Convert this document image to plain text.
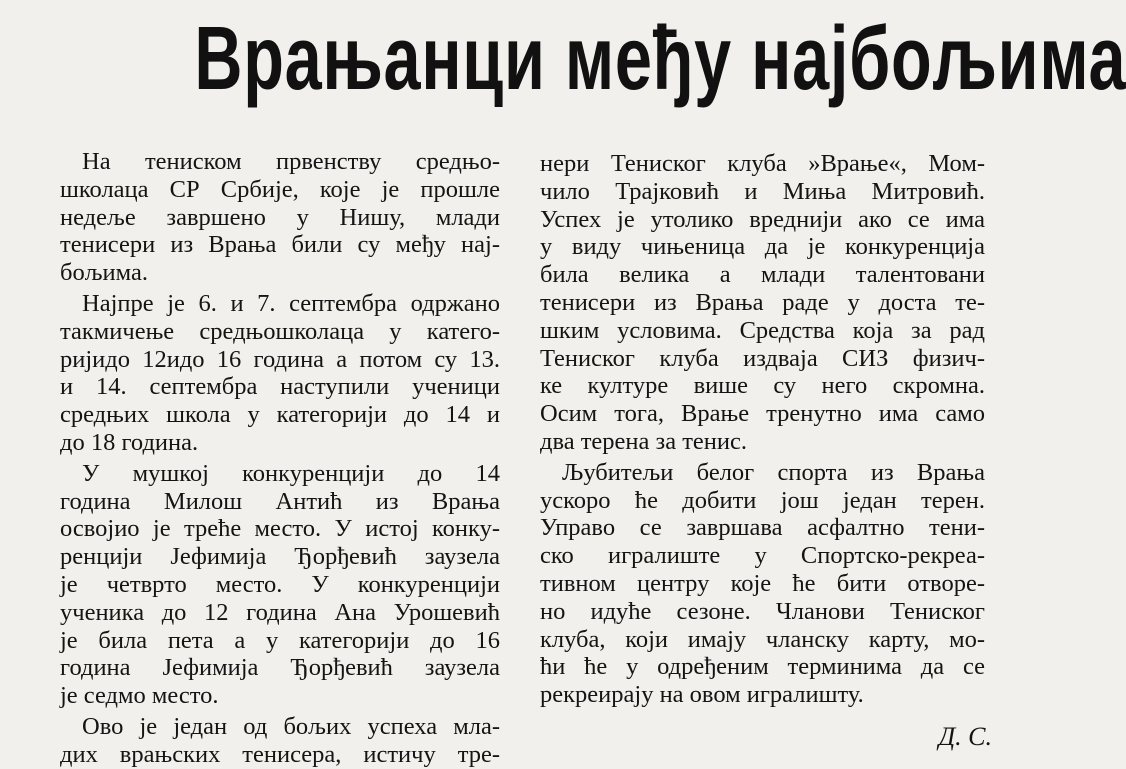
Врањанци међу најбољима
На тениском првенству средњо-
школаца СР Србије, које је прошле
недеље завршено у Нишу, млади
тенисери из Врања били су међу нај-
бољима.
Најпре је 6. и 7. септембра одржано
такмичење средњошколаца у катего-
ријидо 12идо 16 година а потом су 13.
и 14. септембра наступили ученици
средњих школа у категорији до 14 и
до 18 година.
У мушкој конкуренцији до 14
година Милош Антић из Врања
освојио је треће место. У истој конку-
ренцији Јефимија Ђорђевић заузела
је четврто место. У конкуренцији
ученика до 12 година Ана Урошевић
је била пета а у категорији до 16
година Јефимија Ђорђевић заузела
је седмо место.
Ово је један од бољих успеха мла-
дих врањских тенисера, истичу тре-
нери Тениског клуба »Врање«, Мом-
чило Трајковић и Миња Митровић.
Успех је утолико вреднији ако се има
у виду чињеница да је конкуренција
била велика а млади талентовани
тенисери из Врања раде у доста те-
шким условима. Средства која за рад
Тениског клуба издваја СИЗ физич-
ке културе више су него скромна.
Осим тога, Врање тренутно има само
два терена за тенис.
Љубитељи белог спорта из Врања
ускоро ће добити још један терен.
Управо се завршава асфалтно тени-
ско игралиште у Спортско-рекреа-
тивном центру које ће бити отворе-
но идуће сезоне. Чланови Тениског
клуба, који имају чланску карту, мо-
ћи ће у одређеним терминима да се
рекреирају на овом игралишту.
Д. С.
